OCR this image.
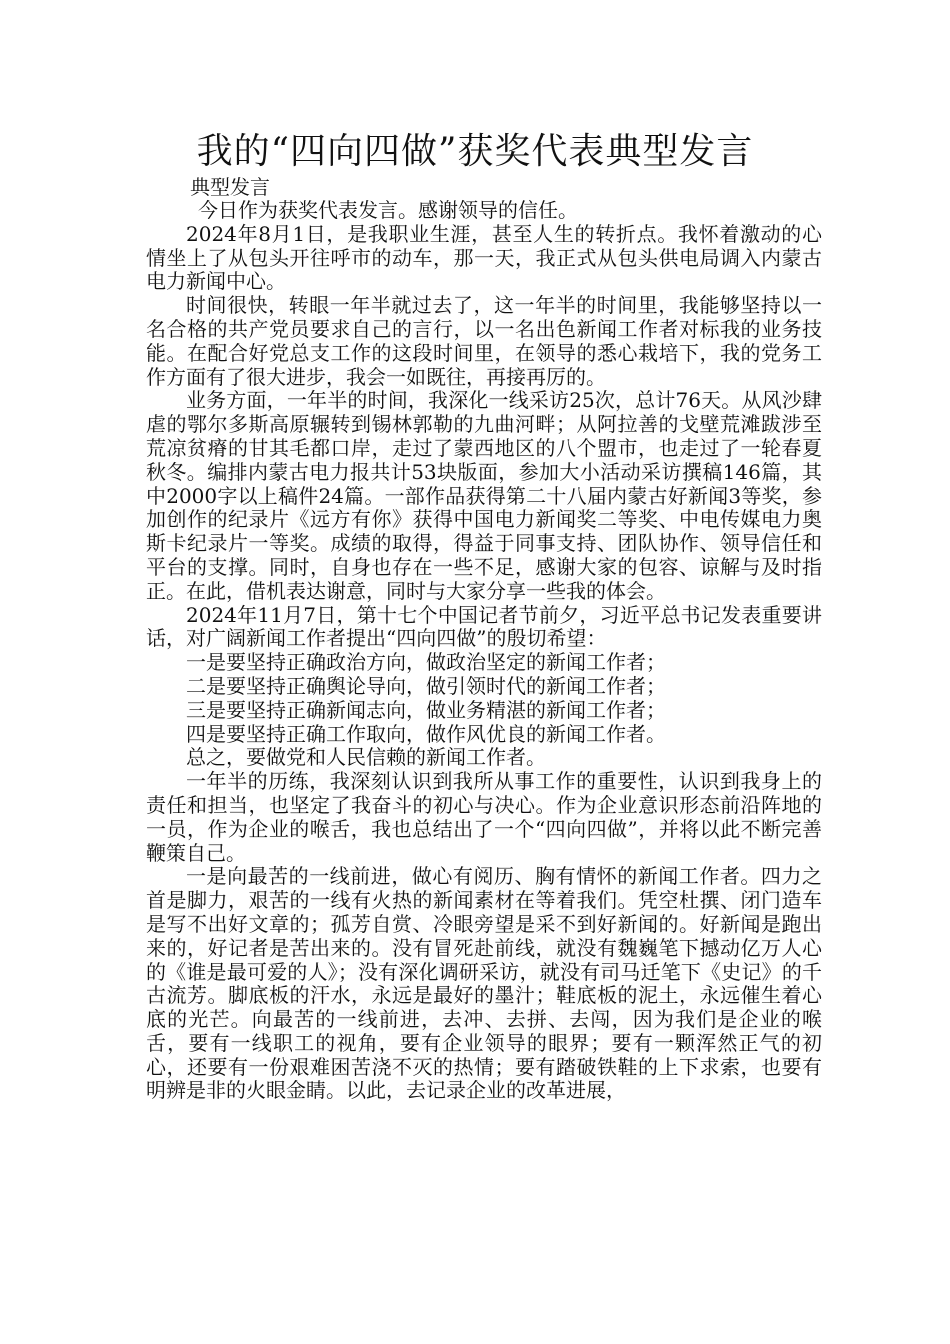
我的“四向四做”获奖代表典型发言
典型发言

今日作为获奖代表发言。感谢领导的信任。

2024年8月1日，是我职业生涯，甚至人生的转折点。我怀着激动的心情坐上了从包头开往呼市的动车，那一天，我正式从包头供电局调入内蒙古电力新闻中心。

时间很快，转眼一年半就过去了，这一年半的时间里，我能够坚持以一名合格的共产党员要求自己的言行，以一名出色新闻工作者对标我的业务技能。在配合好党总支工作的这段时间里，在领导的悉心栽培下，我的党务工作方面有了很大进步，我会一如既往，再接再厉的。

业务方面，一年半的时间，我深化一线采访25次，总计76天。从风沙肆虐的鄂尔多斯高原辗转到锡林郭勒的九曲河畔；从阿拉善的戈壁荒滩跋涉至荒凉贫瘠的甘其毛都口岸，走过了蒙西地区的八个盟市，也走过了一轮春夏秋冬。编排内蒙古电力报共计53块版面，参加大小活动采访撰稿146篇，其中2000字以上稿件24篇。一部作品获得第二十八届内蒙古好新闻3等奖，参加创作的纪录片《远方有你》获得中国电力新闻奖二等奖、中电传媒电力奥斯卡纪录片一等奖。成绩的取得，得益于同事支持、团队协作、领导信任和平台的支撑。同时，自身也存在一些不足，感谢大家的包容、谅解与及时指正。在此，借机表达谢意，同时与大家分享一些我的体会。

2024年11月7日，第十七个中国记者节前夕，习近平总书记发表重要讲话，对广阔新闻工作者提出“四向四做”的殷切希望：

一是要坚持正确政治方向，做政治坚定的新闻工作者；

二是要坚持正确舆论导向，做引领时代的新闻工作者；

三是要坚持正确新闻志向，做业务精湛的新闻工作者；

四是要坚持正确工作取向，做作风优良的新闻工作者。

总之，要做党和人民信赖的新闻工作者。

一年半的历练，我深刻认识到我所从事工作的重要性，认识到我身上的责任和担当，也坚定了我奋斗的初心与决心。作为企业意识形态前沿阵地的一员，作为企业的喉舌，我也总结出了一个“四向四做”，并将以此不断完善鞭策自己。

一是向最苦的一线前进，做心有阅历、胸有情怀的新闻工作者。四力之首是脚力，艰苦的一线有火热的新闻素材在等着我们。凭空杜撰、闭门造车是写不出好文章的；孤芳自赏、冷眼旁望是采不到好新闻的。好新闻是跑出来的，好记者是苦出来的。没有冒死赴前线，就没有魏巍笔下撼动亿万人心的《谁是最可爱的人》；没有深化调研采访，就没有司马迁笔下《史记》的千古流芳。脚底板的汗水，永远是最好的墨汁；鞋底板的泥土，永远催生着心底的光芒。向最苦的一线前进，去冲、去拼、去闯，因为我们是企业的喉舌，要有一线职工的视角，要有企业领导的眼界；要有一颗浑然正气的初心，还要有一份艰难困苦浇不灭的热情；要有踏破铁鞋的上下求索，也要有明辨是非的火眼金睛。以此，去记录企业的改革进展，
